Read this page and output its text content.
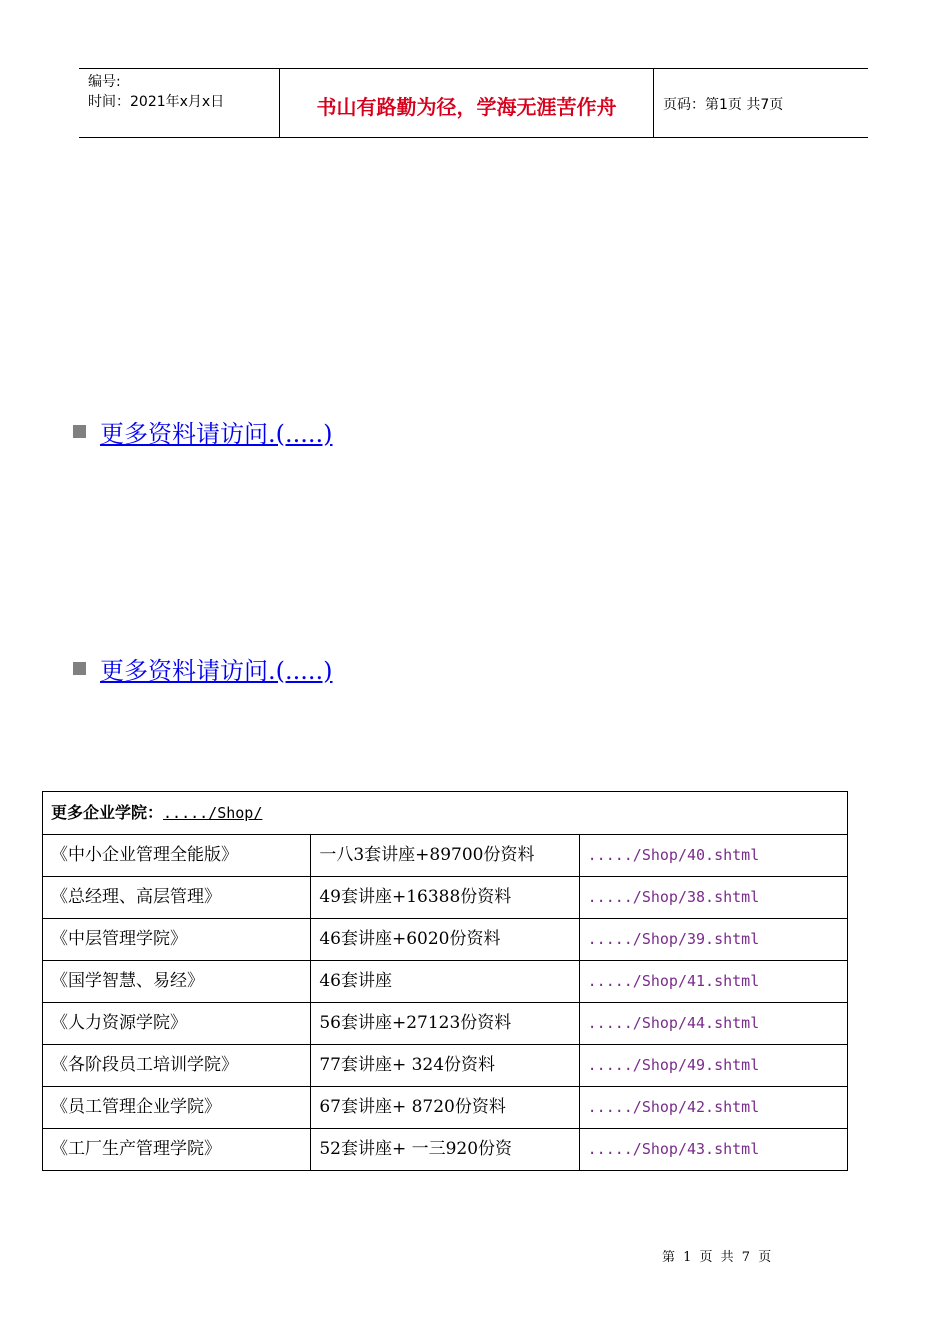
编号:
时间：2021年x月x日	书山有路勤为径，学海无涯苦作舟	页码：第1页 共7页
更多资料请访问.(.....)
更多资料请访问.(.....)
更多企业学院：...../Shop/		
《中小企业管理全能版》	一八3套讲座+89700份资料	...../Shop/40.shtml
《总经理、高层管理》	49套讲座+16388份资料	...../Shop/38.shtml
《中层管理学院》	46套讲座+6020份资料	...../Shop/39.shtml
《国学智慧、易经》	46套讲座	...../Shop/41.shtml
《人力资源学院》	56套讲座+27123份资料	...../Shop/44.shtml
《各阶段员工培训学院》	77套讲座+ 324份资料	...../Shop/49.shtml
《员工管理企业学院》	67套讲座+ 8720份资料	...../Shop/42.shtml
《工厂生产管理学院》	52套讲座+ 一三920份资	...../Shop/43.shtml
第 1 页 共 7 页
